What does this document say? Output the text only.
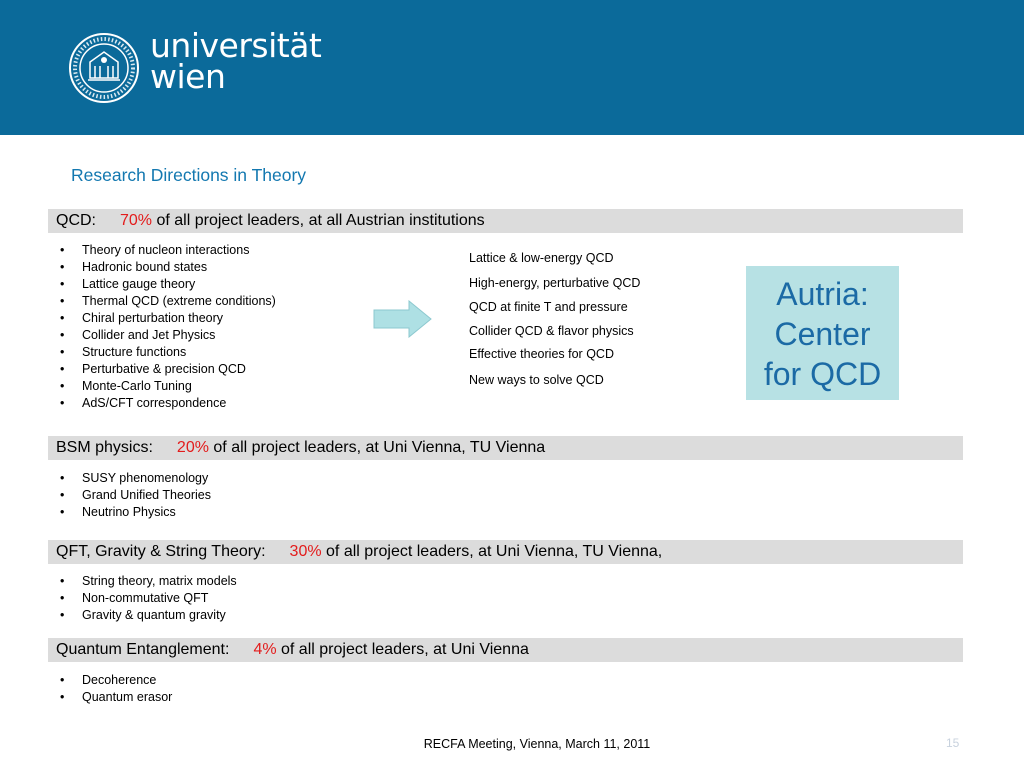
universität
wien
Research Directions in Theory
QCD: 70% of all project leaders, at all Austrian institutions
• Theory of nucleon interactions
• Hadronic bound states
• Lattice gauge theory
• Thermal QCD (extreme conditions)
• Chiral perturbation theory
• Collider and Jet Physics
• Structure functions
• Perturbative & precision QCD
• Monte-Carlo Tuning
• AdS/CFT correspondence
Lattice & low-energy QCD
High-energy, perturbative QCD
QCD at finite T and pressure
Collider QCD & flavor physics
Effective theories for QCD
New ways to solve QCD
Autria:
Center
for QCD
BSM physics: 20% of all project leaders, at Uni Vienna, TU Vienna
• SUSY phenomenology
• Grand Unified Theories
• Neutrino Physics
QFT, Gravity & String Theory: 30% of all project leaders, at Uni Vienna, TU Vienna,
• String theory, matrix models
• Non-commutative QFT
• Gravity & quantum gravity
Quantum Entanglement: 4% of all project leaders, at Uni Vienna
• Decoherence
• Quantum erasor
RECFA Meeting, Vienna, March 11, 2011	15
